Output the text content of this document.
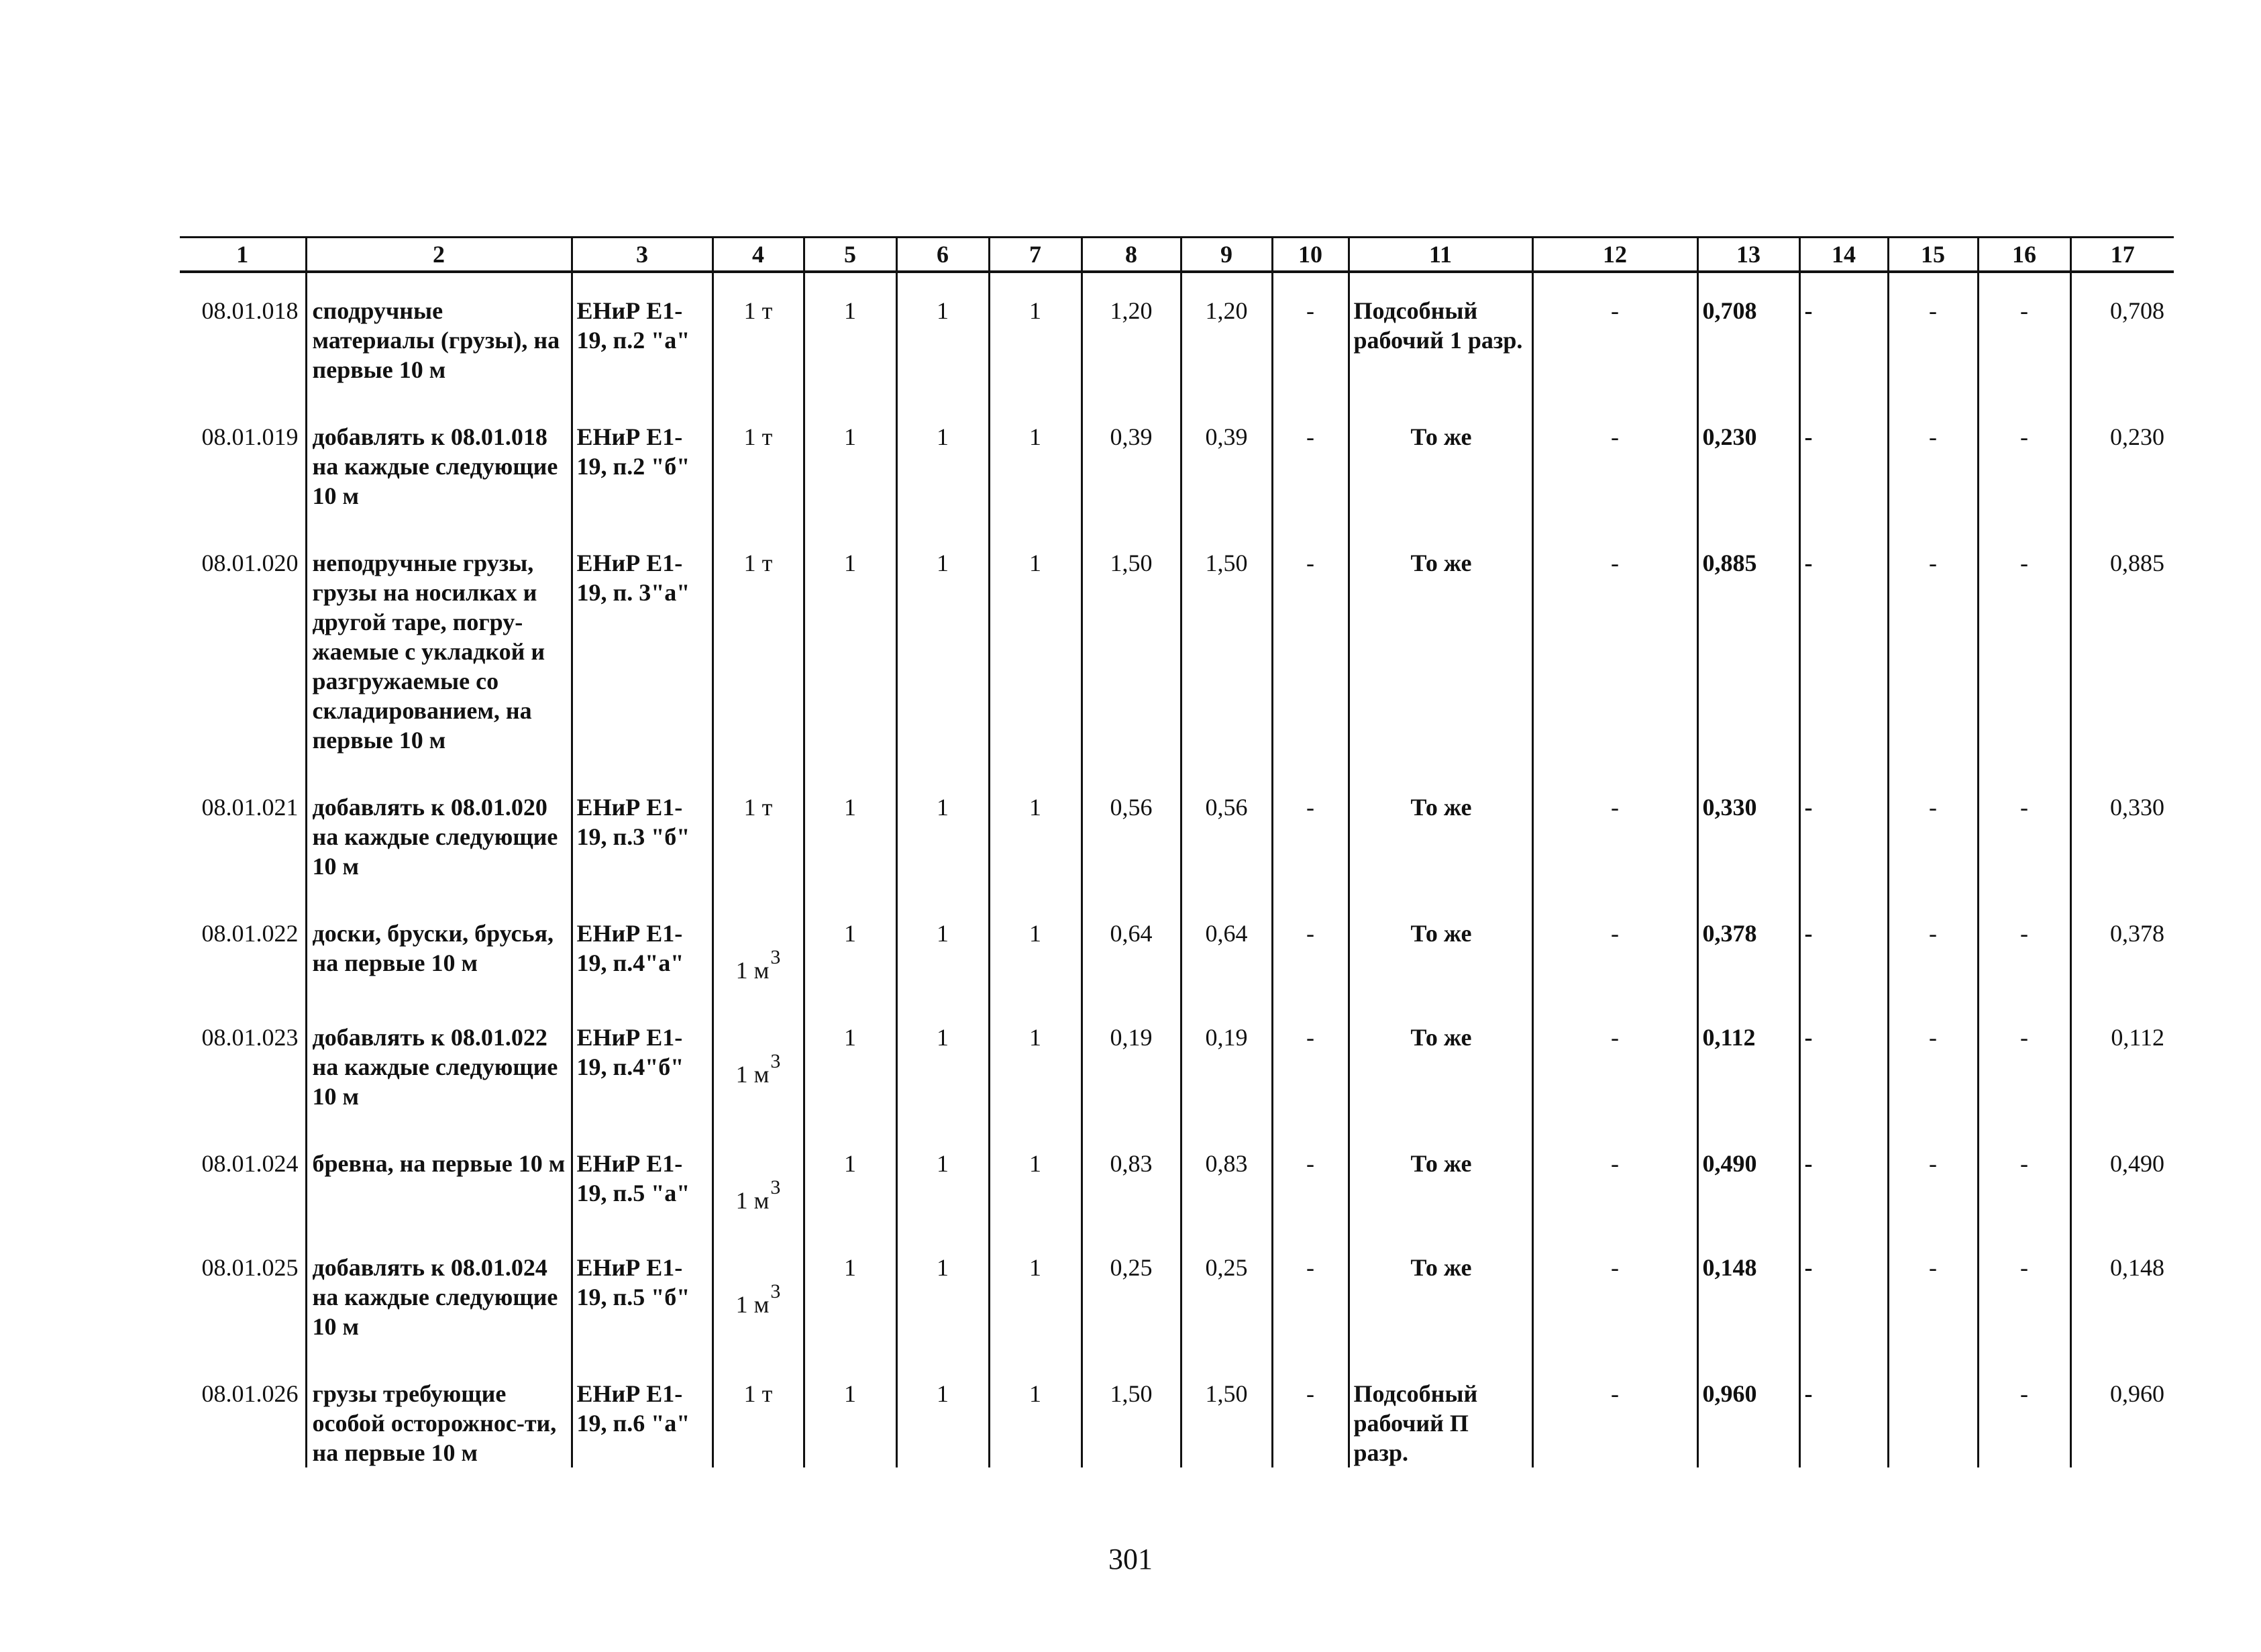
1	2	3	4	5	6	7	8	9	10	11	12	13	14	15	16	17
08.01.018	сподручные материалы (грузы), на первые 10 м	ЕНиР Е1-19, п.2 "а"	1 т	1	1	1	1,20	1,20	-	Подсобный рабочий 1 разр.	-	0,708	-	-	-	0,708
08.01.019	добавлять к 08.01.018 на каждые следующие 10 м	ЕНиР Е1-19, п.2 "б"	1 т	1	1	1	0,39	0,39	-	То же	-	0,230	-	-	-	0,230
08.01.020	неподручные грузы, грузы на носилках и другой таре, погру-жаемые с укладкой и разгружаемые со складированием, на первые 10 м	ЕНиР Е1-19, п. 3"а"	1 т	1	1	1	1,50	1,50	-	То же	-	0,885	-	-	-	0,885
08.01.021	добавлять к 08.01.020 на каждые следующие 10 м	ЕНиР Е1-19, п.3 "б"	1 т	1	1	1	0,56	0,56	-	То же	-	0,330	-	-	-	0,330
08.01.022	доски, бруски, брусья, на первые 10 м	ЕНиР Е1-19, п.4"а"	1 $м^3$	1	1	1	0,64	0,64	-	То же	-	0,378	-	-	-	0,378
08.01.023	добавлять к 08.01.022 на каждые следующие 10 м	ЕНиР Е1-19, п.4"б"	1 $м^3$	1	1	1	0,19	0,19	-	То же	-	0,112	-	-	-	0,112
08.01.024	бревна, на первые 10 м	ЕНиР Е1-19, п.5 "а"	1 $м^3$	1	1	1	0,83	0,83	-	То же	-	0,490	-	-	-	0,490
08.01.025	добавлять к 08.01.024 на каждые следующие 10 м	ЕНиР Е1-19, п.5 "б"	1 $м^3$	1	1	1	0,25	0,25	-	То же	-	0,148	-	-	-	0,148
08.01.026	грузы требующие особой осторожнос-ти, на первые 10 м	ЕНиР Е1-19, п.6 "а"	1 т	1	1	1	1,50	1,50	-	Подсобный рабочий П разр.	-	0,960	-		-	0,960
301
